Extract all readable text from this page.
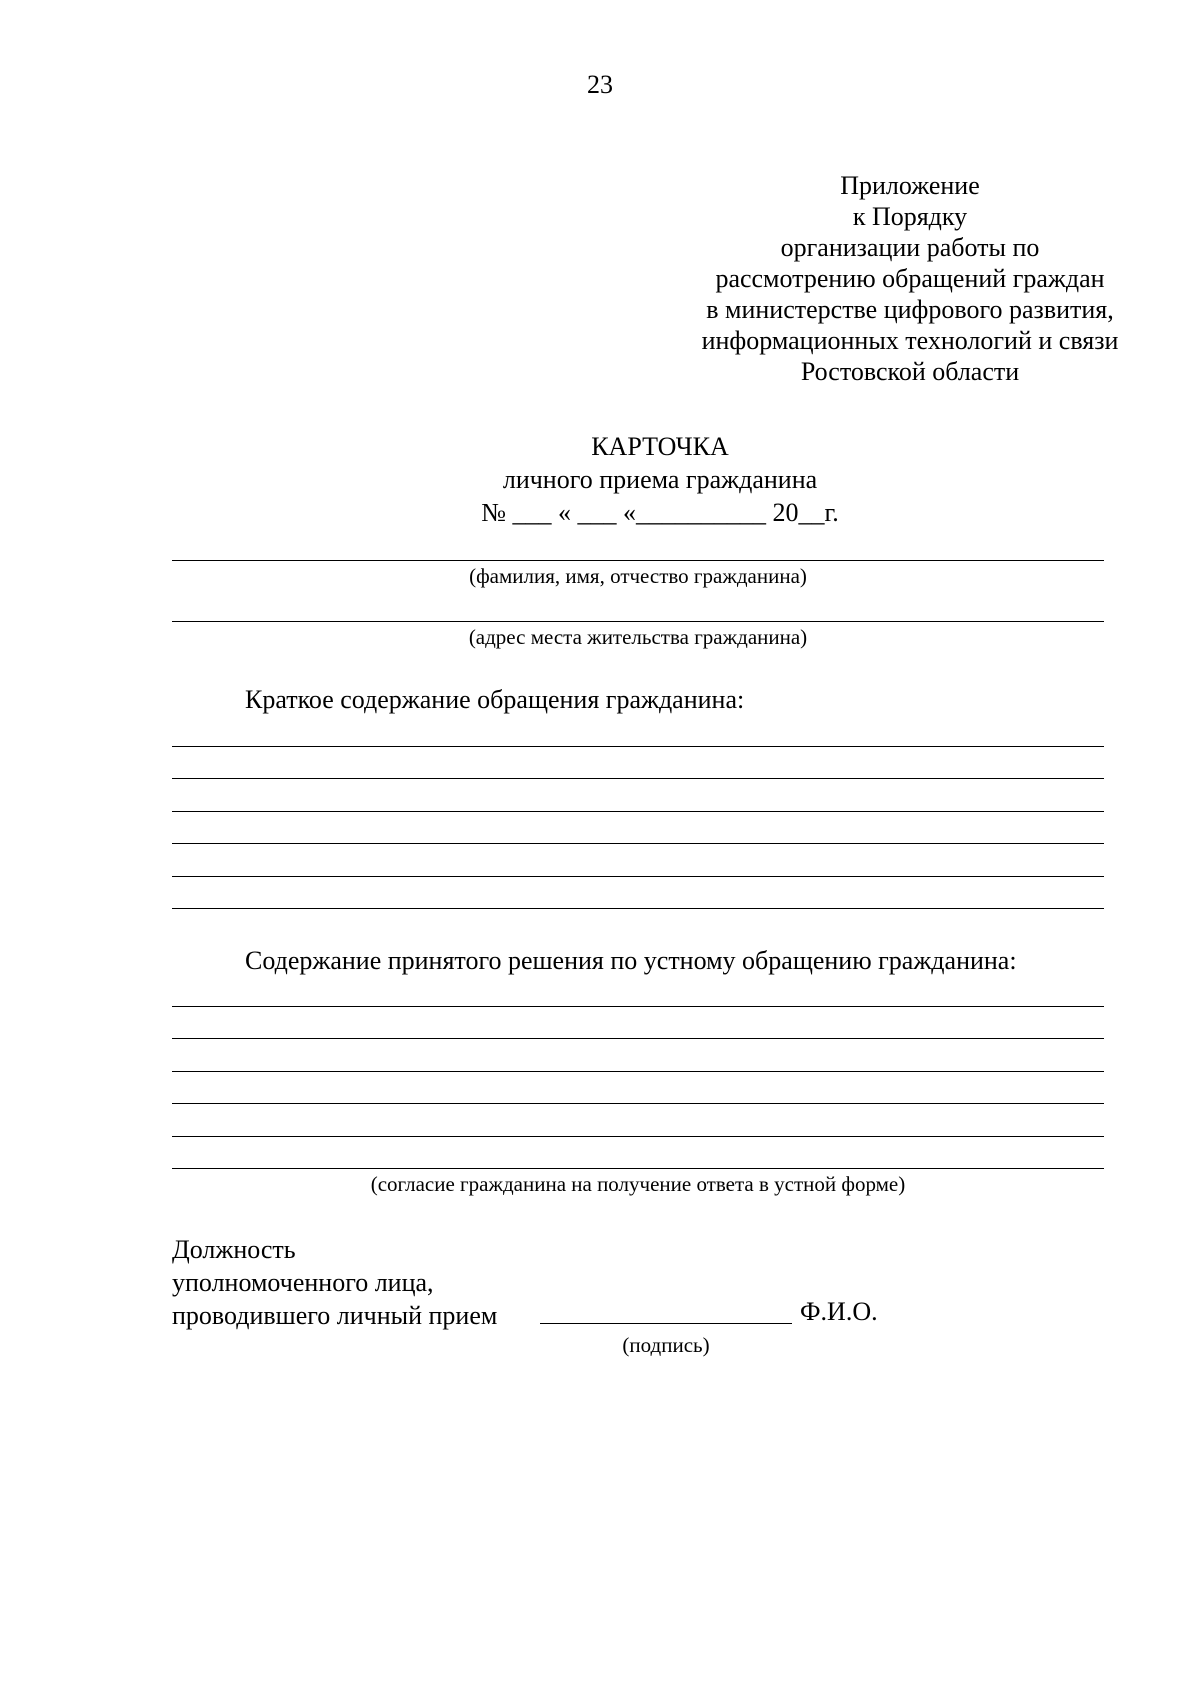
23
Приложение
к Порядку
организации работы по
рассмотрению обращений граждан
в министерстве цифрового развития,
информационных технологий и связи
Ростовской области
КАРТОЧКА
личного приема гражданина
№ ___ « ___ «__________ 20__г.
(фамилия, имя, отчество гражданина)
(адрес места жительства гражданина)
Краткое содержание обращения гражданина:
Содержание принятого решения по устному обращению гражданина:
(согласие гражданина на получение ответа в устной форме)
Должность
уполномоченного лица,
проводившего личный прием	Ф.И.О.
(подпись)
